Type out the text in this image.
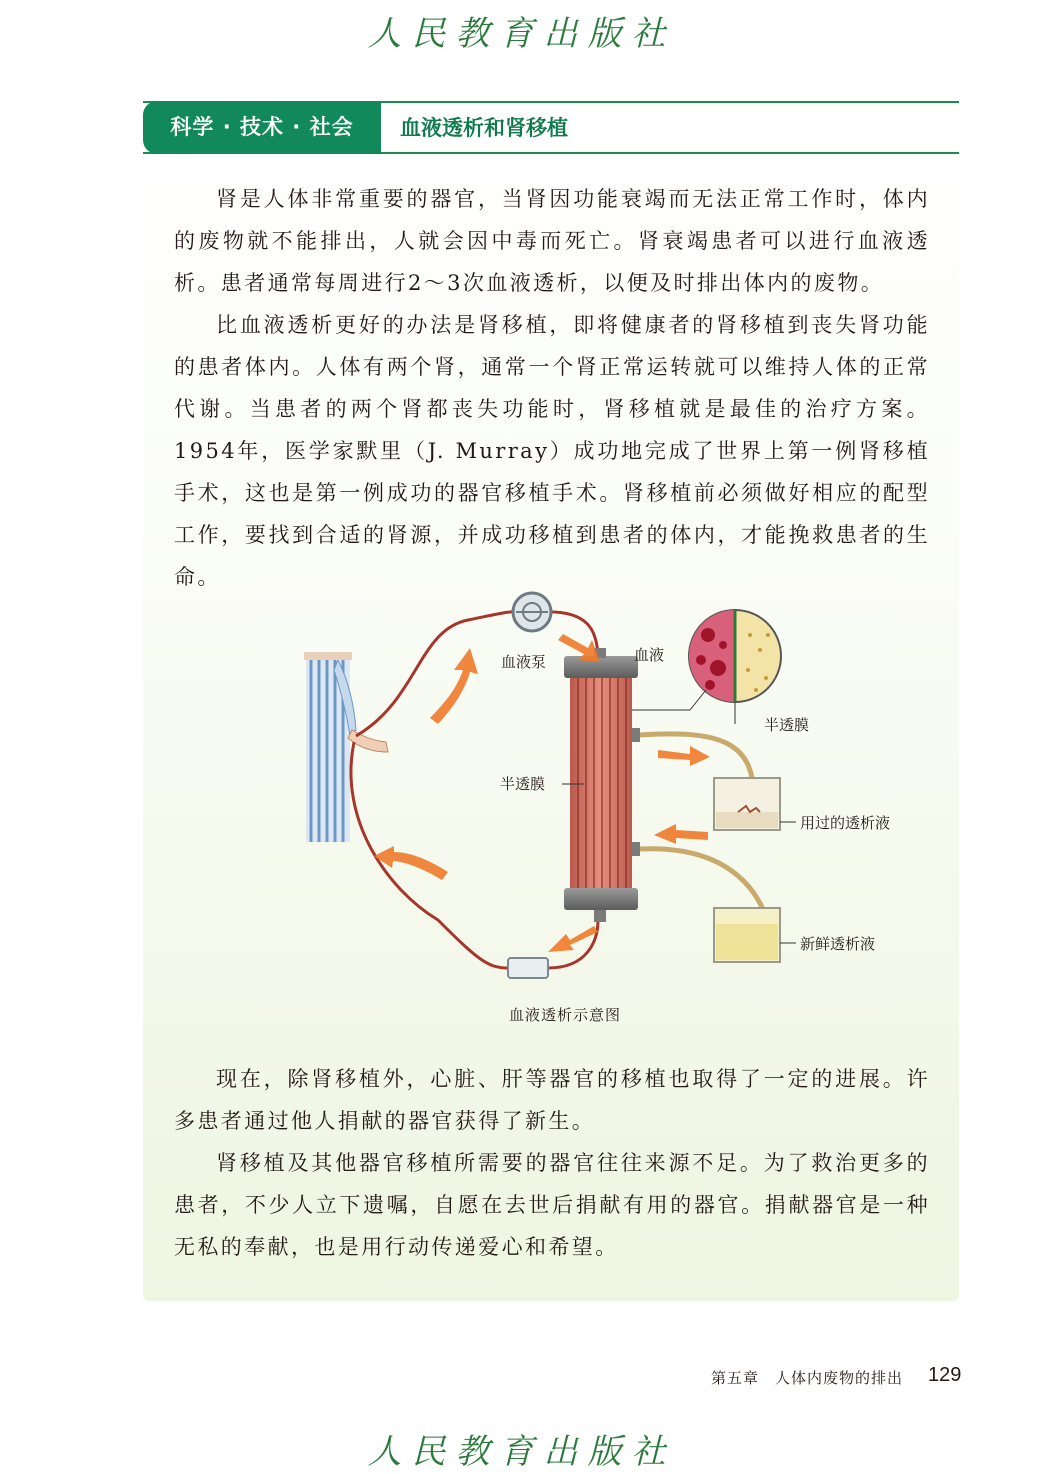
人民教育出版社
科学 · 技术 · 社会	血液透析和肾移植

肾是人体非常重要的器官，当肾因功能衰竭而无法正常工作时，体内的废物就不能排出，人就会因中毒而死亡。肾衰竭患者可以进行血液透析。患者通常每周进行2～3次血液透析，以便及时排出体内的废物。

比血液透析更好的办法是肾移植，即将健康者的肾移植到丧失肾功能的患者体内。人体有两个肾，通常一个肾正常运转就可以维持人体的正常代谢。当患者的两个肾都丧失功能时，肾移植就是最佳的治疗方案。1954年，医学家默里（J. Murray）成功地完成了世界上第一例肾移植手术，这也是第一例成功的器官移植手术。肾移植前必须做好相应的配型工作，要找到合适的肾源，并成功移植到患者的体内，才能挽救患者的生命。

血液泵	血液
半透膜
半透膜
用过的透析液
新鲜透析液
血液透析示意图

现在，除肾移植外，心脏、肝等器官的移植也取得了一定的进展。许多患者通过他人捐献的器官获得了新生。

肾移植及其他器官移植所需要的器官往往来源不足。为了救治更多的患者，不少人立下遗嘱，自愿在去世后捐献有用的器官。捐献器官是一种无私的奉献，也是用行动传递爱心和希望。

第五章　人体内废物的排出 129
人民教育出版社
